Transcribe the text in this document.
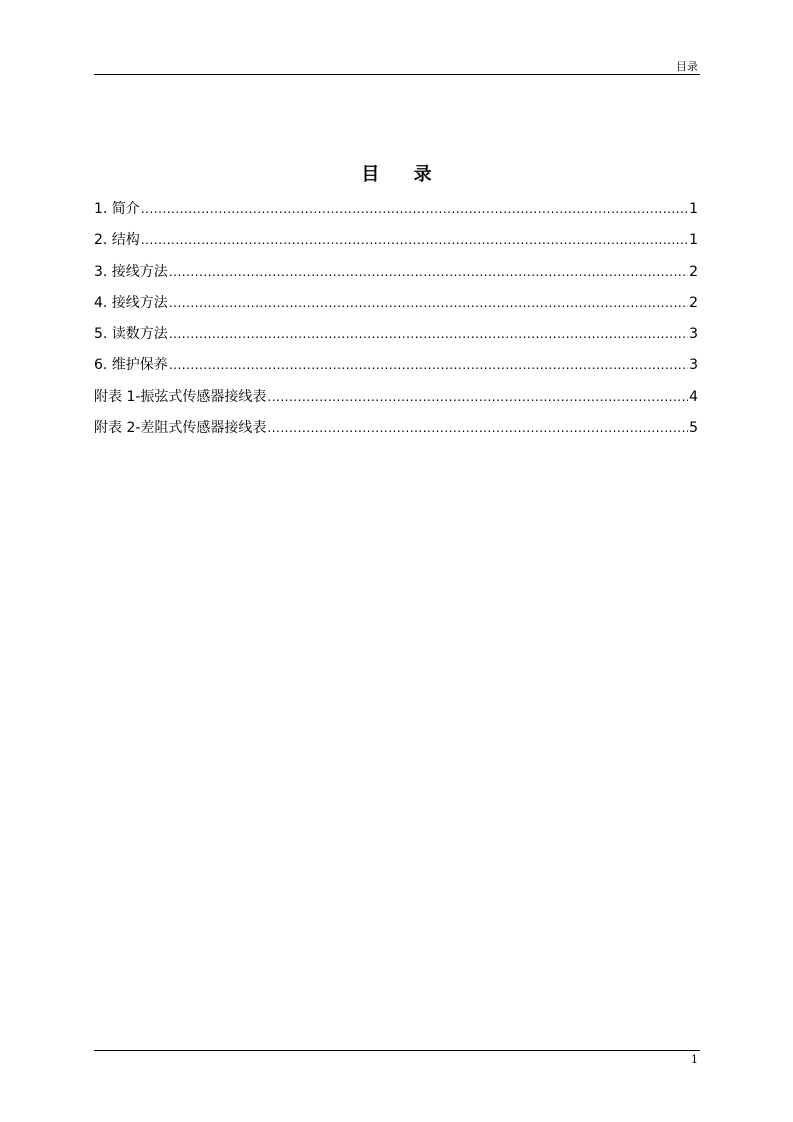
目录
目 录
1. 简介 .....	1
2. 结构 .....	1
3. 接线方法 .....	2
4. 接线方法 .....	2
5. 读数方法 .....	3
6. 维护保养 .....	3
附表 1-振弦式传感器接线表 .....	4
附表 2-差阻式传感器接线表 .....	5
1
